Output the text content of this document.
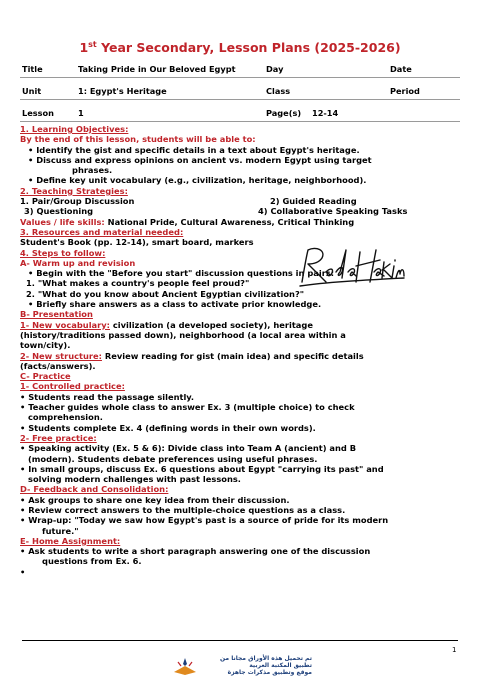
1st Year Secondary, Lesson Plans (2025-2026)
Title	Taking Pride in Our Beloved Egypt	Day	Date
Unit	1: Egypt's Heritage	Class	Period
Lesson	1	Page(s) 12-14
1. Learning Objectives:
By the end of this lesson, students will be able to:
• Identify the gist and specific details in a text about Egypt's heritage.
• Discuss and express opinions on ancient vs. modern Egypt using target
phrases.
• Define key unit vocabulary (e.g., civilization, heritage, neighborhood).
2. Teaching Strategies:
1. Pair/Group Discussion	2) Guided Reading
3) Questioning	4) Collaborative Speaking Tasks
Values / life skills: National Pride, Cultural Awareness, Critical Thinking
3. Resources and material needed:
Student's Book (pp. 12-14), smart board, markers
4. Steps to follow:
A- Warm up and revision
• Begin with the "Before you start" discussion questions in pairs:
1. "What makes a country's people feel proud?"
2. "What do you know about Ancient Egyptian civilization?"
• Briefly share answers as a class to activate prior knowledge.
B- Presentation
1- New vocabulary: civilization (a developed society), heritage
(history/traditions passed down), neighborhood (a local area within a
town/city).
2- New structure: Review reading for gist (main idea) and specific details
(facts/answers).
C- Practice
1- Controlled practice:
• Students read the passage silently.
• Teacher guides whole class to answer Ex. 3 (multiple choice) to check
comprehension.
• Students complete Ex. 4 (defining words in their own words).
2- Free practice:
• Speaking activity (Ex. 5 & 6): Divide class into Team A (ancient) and B
(modern). Students debate preferences using useful phrases.
• In small groups, discuss Ex. 6 questions about Egypt "carrying its past" and
solving modern challenges with past lessons.
D- Feedback and Consolidation:
• Ask groups to share one key idea from their discussion.
• Review correct answers to the multiple-choice questions as a class.
• Wrap-up: "Today we saw how Egypt's past is a source of pride for its modern
future."
E- Home Assignment:
• Ask students to write a short paragraph answering one of the discussion
questions from Ex. 6.
•
1
تم تحميل هذه الأوراق مجانا من
تطبيق المكتبة العربية
موقع وتطبيق مذكرات جاهزة
